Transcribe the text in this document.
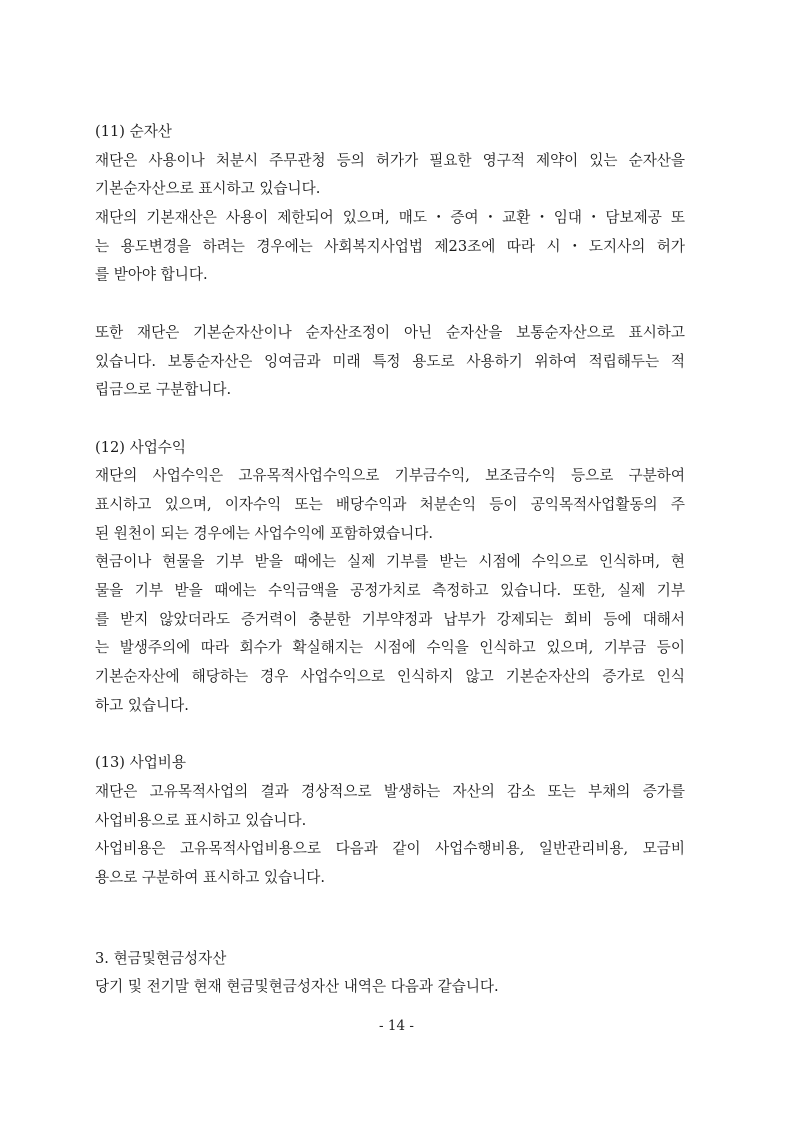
(11) 순자산
재단은 사용이나 처분시 주무관청 등의 허가가 필요한 영구적 제약이 있는 순자산을
기본순자산으로 표시하고 있습니다.
재단의 기본재산은 사용이 제한되어 있으며, 매도・증여・교환・임대・담보제공 또
는 용도변경을 하려는 경우에는 사회복지사업법 제23조에 따라 시・도지사의 허가
를 받아야 합니다.
또한 재단은 기본순자산이나 순자산조정이 아닌 순자산을 보통순자산으로 표시하고
있습니다. 보통순자산은 잉여금과 미래 특정 용도로 사용하기 위하여 적립해두는 적
립금으로 구분합니다.
(12) 사업수익
재단의 사업수익은 고유목적사업수익으로 기부금수익, 보조금수익 등으로 구분하여
표시하고 있으며, 이자수익 또는 배당수익과 처분손익 등이 공익목적사업활동의 주
된 원천이 되는 경우에는 사업수익에 포함하였습니다.
현금이나 현물을 기부 받을 때에는 실제 기부를 받는 시점에 수익으로 인식하며, 현
물을 기부 받을 때에는 수익금액을 공정가치로 측정하고 있습니다. 또한, 실제 기부
를 받지 않았더라도 증거력이 충분한 기부약정과 납부가 강제되는 회비 등에 대해서
는 발생주의에 따라 회수가 확실해지는 시점에 수익을 인식하고 있으며, 기부금 등이
기본순자산에 해당하는 경우 사업수익으로 인식하지 않고 기본순자산의 증가로 인식
하고 있습니다.
(13) 사업비용
재단은 고유목적사업의 결과 경상적으로 발생하는 자산의 감소 또는 부채의 증가를
사업비용으로 표시하고 있습니다.
사업비용은 고유목적사업비용으로 다음과 같이 사업수행비용, 일반관리비용, 모금비
용으로 구분하여 표시하고 있습니다.
3. 현금및현금성자산
당기 및 전기말 현재 현금및현금성자산 내역은 다음과 같습니다.
- 14 -
